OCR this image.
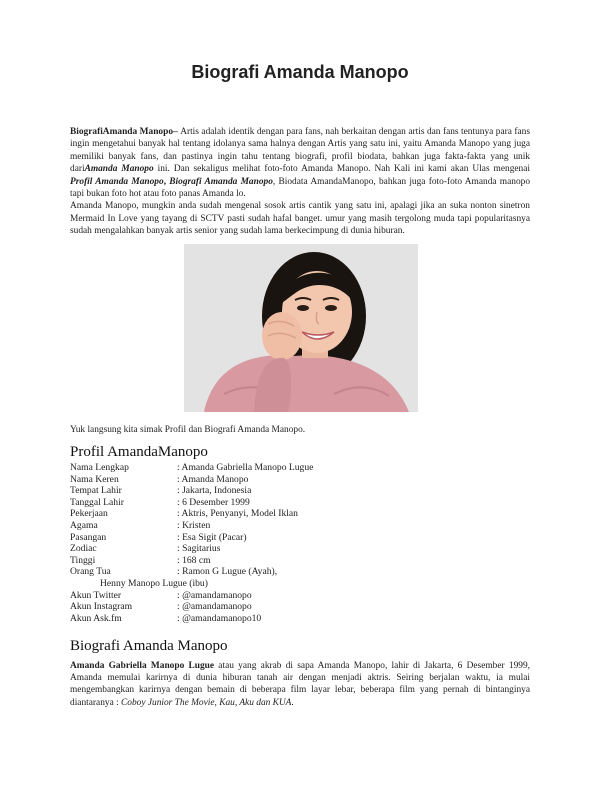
Biografi Amanda Manopo

BiografiAmanda Manopo– Artis adalah identik dengan para fans, nah berkaitan dengan artis dan fans tentunya para fans ingin mengetahui banyak hal tentang idolanya sama halnya dengan Artis yang satu ini, yaitu Amanda Manopo yang juga memiliki banyak fans, dan pastinya ingin tahu tentang biografi, profil biodata, bahkan juga fakta-fakta yang unik dariAmanda Manopo ini. Dan sekaligus melihat foto-foto Amanda Manopo. Nah Kali ini kami akan Ulas mengenai Profil Amanda Manopo, Biografi Amanda Manopo, Biodata AmandaManopo, bahkan juga foto-foto Amanda manopo tapi bukan foto hot atau foto panas Amanda lo.

Amanda Manopo, mungkin anda sudah mengenal sosok artis cantik yang satu ini, apalagi jika an suka nonton sinetron Mermaid In Love yang tayang di SCTV pasti sudah hafal banget. umur yang masih tergolong muda tapi popularitasnya sudah mengalahkan banyak artis senior yang sudah lama berkecimpung di dunia hiburan.

Yuk langsung kita simak Profil dan Biografi Amanda Manopo.
Profil AmandaManopo
Nama Lengkap	: Amanda Gabriella Manopo Lugue
Nama Keren	: Amanda Manopo
Tempat Lahir	: Jakarta, Indonesia
Tanggal Lahir	: 6 Desember 1999
Pekerjaan	: Aktris, Penyanyi, Model Iklan
Agama	: Kristen
Pasangan	: Esa Sigit (Pacar)
Zodiac	: Sagitarius
Tinggi	: 168 cm
Orang Tua	: Ramon G Lugue (Ayah),
Henny Manopo Lugue (ibu)
Akun Twitter	: @amandamanopo
Akun Instagram	: @amandamanopo
Akun Ask.fm	: @amandamanopo10
Biografi Amanda Manopo

Amanda Gabriella Manopo Lugue atau yang akrab di sapa Amanda Manopo, lahir di Jakarta, 6 Desember 1999, Amanda memulai karirnya di dunia hiburan tanah air dengan menjadi aktris. Seiring berjalan waktu, ia mulai mengembangkan karirnya dengan bemain di beberapa film layar lebar, beberapa film yang pernah di bintanginya diantaranya : Coboy Junior The Movie, Kau, Aku dan KUA.
